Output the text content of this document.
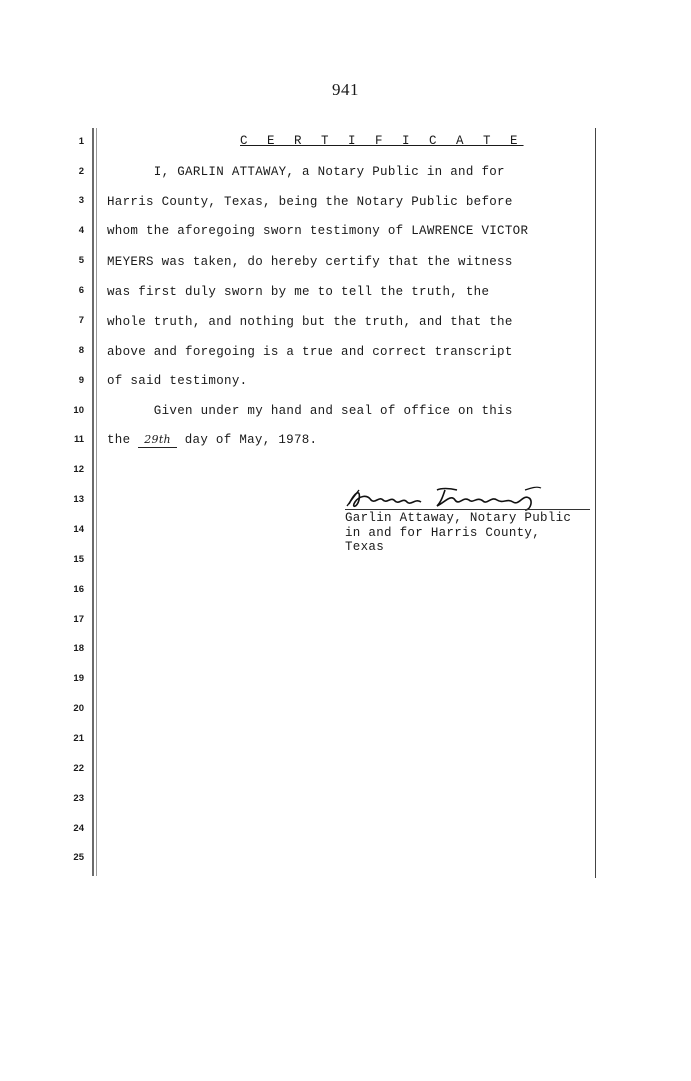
941
1
2
3
4
5
6
7
8
9
10
11
12
13
14
15
16
17
18
19
20
21
22
23
24
25
C E R T I F I C A T E
I, GARLIN ATTAWAY, a Notary Public in and for
Harris County, Texas, being the Notary Public before
whom the aforegoing sworn testimony of LAWRENCE VICTOR
MEYERS was taken, do hereby certify that the witness
was first duly sworn by me to tell the truth, the
whole truth, and nothing but the truth, and that the
above and foregoing is a true and correct transcript
of said testimony.
Given under my hand and seal of office on this
the 29th day of May, 1978.
Garlin Attaway, Notary Public
in and for Harris County,
Texas
